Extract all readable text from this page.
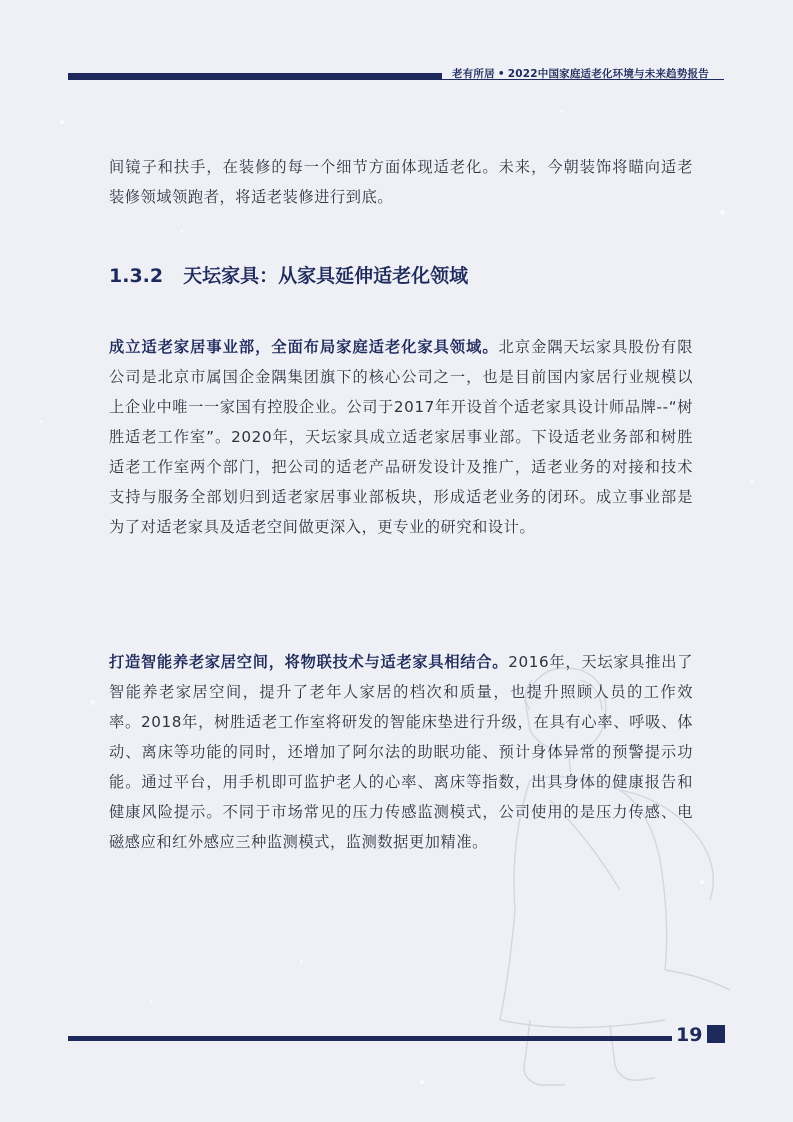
老有所居 • 2022中国家庭适老化环境与未来趋势报告

间镜子和扶手，在装修的每一个细节方面体现适老化。未来，今朝装饰将瞄向适老装修领域领跑者，将适老装修进行到底。

1.3.2 天坛家具：从家具延伸适老化领域

成立适老家居事业部，全面布局家庭适老化家具领域。北京金隅天坛家具股份有限公司是北京市属国企金隅集团旗下的核心公司之一，也是目前国内家居行业规模以上企业中唯一一家国有控股企业。公司于2017年开设首个适老家具设计师品牌--“树胜适老工作室”。2020年，天坛家具成立适老家居事业部。下设适老业务部和树胜适老工作室两个部门，把公司的适老产品研发设计及推广，适老业务的对接和技术支持与服务全部划归到适老家居事业部板块，形成适老业务的闭环。成立事业部是为了对适老家具及适老空间做更深入，更专业的研究和设计。

打造智能养老家居空间，将物联技术与适老家具相结合。2016年，天坛家具推出了智能养老家居空间，提升了老年人家居的档次和质量，也提升照顾人员的工作效率。2018年，树胜适老工作室将研发的智能床垫进行升级，在具有心率、呼吸、体动、离床等功能的同时，还增加了阿尔法的助眠功能、预计身体异常的预警提示功能。通过平台，用手机即可监护老人的心率、离床等指数，出具身体的健康报告和健康风险提示。不同于市场常见的压力传感监测模式，公司使用的是压力传感、电磁感应和红外感应三种监测模式，监测数据更加精准。

19
